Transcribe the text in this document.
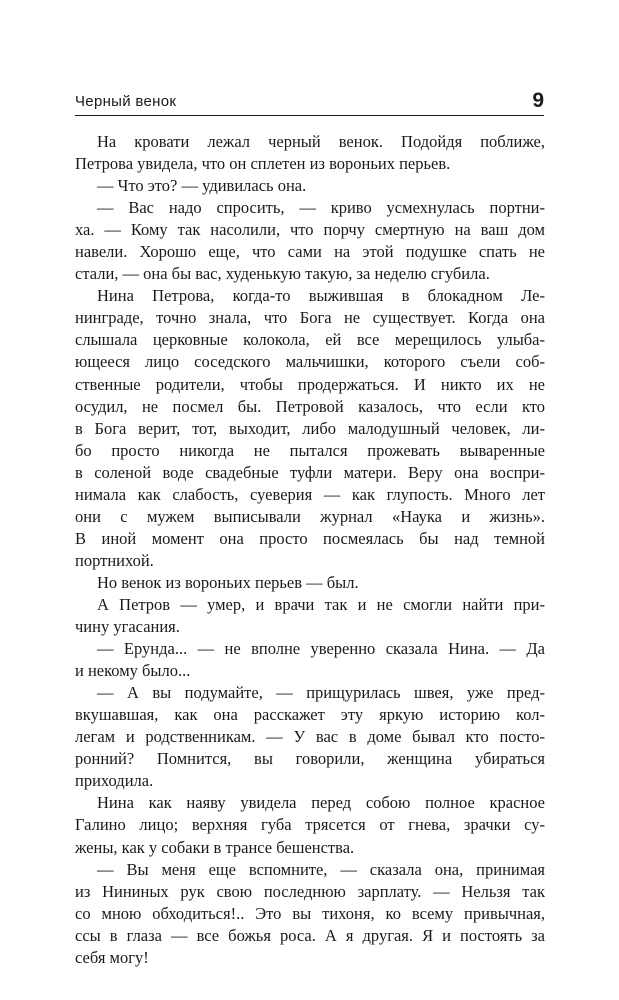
Черный венок	9
На кровати лежал черный венок. Подойдя поближе,
Петрова увидела, что он сплетен из вороньих перьев.
–– Что это? –– удивилась она.
— Вас надо спросить, — криво усмехнулась портни-
ха. — Кому так насолили, что порчу смертную на ваш дом
навели. Хорошо еще, что сами на этой подушке спать не
стали, — она бы вас, худенькую такую, за неделю сгубила.
Нина Петрова, когда-то выжившая в блокадном Ле-
нинграде, точно знала, что Бога не существует. Когда она
слышала церковные колокола, ей все мерещилось улыба-
ющееся лицо соседского мальчишки, которого съели соб-
ственные родители, чтобы продержаться. И никто их не
осудил, не посмел бы. Петровой казалось, что если кто
в Бога верит, тот, выходит, либо малодушный человек, ли-
бо просто никогда не пытался прожевать вываренные
в соленой воде свадебные туфли матери. Веру она воспри-
нимала как слабость, суеверия — как глупость. Много лет
они с мужем выписывали журнал «Наука и жизнь».
В иной момент она просто посмеялась бы над темной
портнихой.
Но венок из вороньих перьев –– был.
А Петров — умер, и врачи так и не смогли найти при-
чину угасания.
— Ерунда... — не вполне уверенно сказала Нина. — Да
и некому было...
— А вы подумайте, — прищурилась швея, уже пред-
вкушавшая, как она расскажет эту яркую историю кол-
легам и родственникам. — У вас в доме бывал кто посто-
ронний? Помнится, вы говорили, женщина убираться
приходила.
Нина как наяву увидела перед собою полное красное
Галино лицо; верхняя губа трясется от гнева, зрачки су-
жены, как у собаки в трансе бешенства.
— Вы меня еще вспомните, — сказала она, принимая
из Нининых рук свою последнюю зарплату. — Нельзя так
со мною обходиться!.. Это вы тихоня, ко всему привычная,
ссы в глаза — все божья роса. А я другая. Я и постоять за
себя могу!
